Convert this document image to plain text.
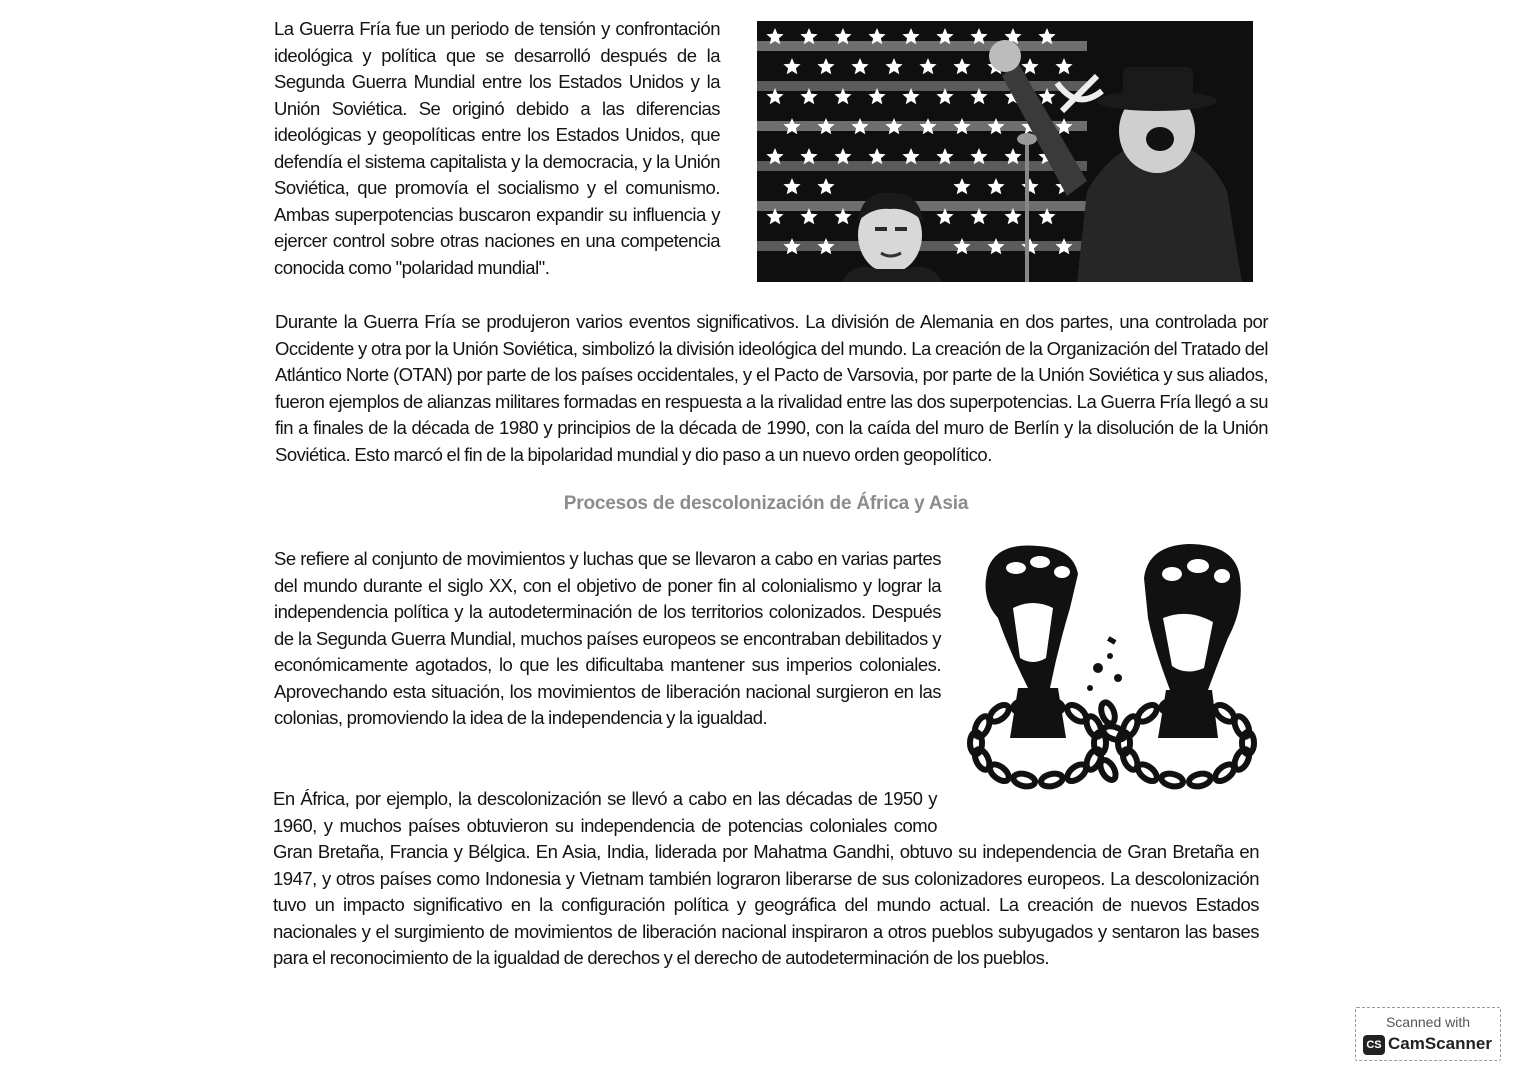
La Guerra Fría fue un periodo de tensión y confrontación ideológica y política que se desarrolló después de la Segunda Guerra Mundial entre los Estados Unidos y la Unión Soviética. Se originó debido a las diferencias ideológicas y geopolíticas entre los Estados Unidos, que defendía el sistema capitalista y la democracia, y la Unión Soviética, que promovía el socialismo y el comunismo. Ambas superpotencias buscaron expandir su influencia y ejercer control sobre otras naciones en una competencia conocida como "polaridad mundial".

Durante la Guerra Fría se produjeron varios eventos significativos. La división de Alemania en dos partes, una controlada por Occidente y otra por la Unión Soviética, simbolizó la división ideológica del mundo. La creación de la Organización del Tratado del Atlántico Norte (OTAN) por parte de los países occidentales, y el Pacto de Varsovia, por parte de la Unión Soviética y sus aliados, fueron ejemplos de alianzas militares formadas en respuesta a la rivalidad entre las dos superpotencias. La Guerra Fría llegó a su fin a finales de la década de 1980 y principios de la década de 1990, con la caída del muro de Berlín y la disolución de la Unión Soviética. Esto marcó el fin de la bipolaridad mundial y dio paso a un nuevo orden geopolítico.

Procesos de descolonización de África y Asia

Se refiere al conjunto de movimientos y luchas que se llevaron a cabo en varias partes del mundo durante el siglo XX, con el objetivo de poner fin al colonialismo y lograr la independencia política y la autodeterminación de los territorios colonizados. Después de la Segunda Guerra Mundial, muchos países europeos se encontraban debilitados y económicamente agotados, lo que les dificultaba mantener sus imperios coloniales. Aprovechando esta situación, los movimientos de liberación nacional surgieron en las colonias, promoviendo la idea de la independencia y la igualdad.

En África, por ejemplo, la descolonización se llevó a cabo en las décadas de 1950 y 1960, y muchos países obtuvieron su independencia de potencias coloniales como Gran Bretaña, Francia y Bélgica. En Asia, India, liderada por Mahatma Gandhi, obtuvo su independencia de Gran Bretaña en 1947, y otros países como Indonesia y Vietnam también lograron liberarse de sus colonizadores europeos. La descolonización tuvo un impacto significativo en la configuración política y geográfica del mundo actual. La creación de nuevos Estados nacionales y el surgimiento de movimientos de liberación nacional inspiraron a otros pueblos subyugados y sentaron las bases para el reconocimiento de la igualdad de derechos y el derecho de autodeterminación de los pueblos.

Scanned with
CS CamScanner
